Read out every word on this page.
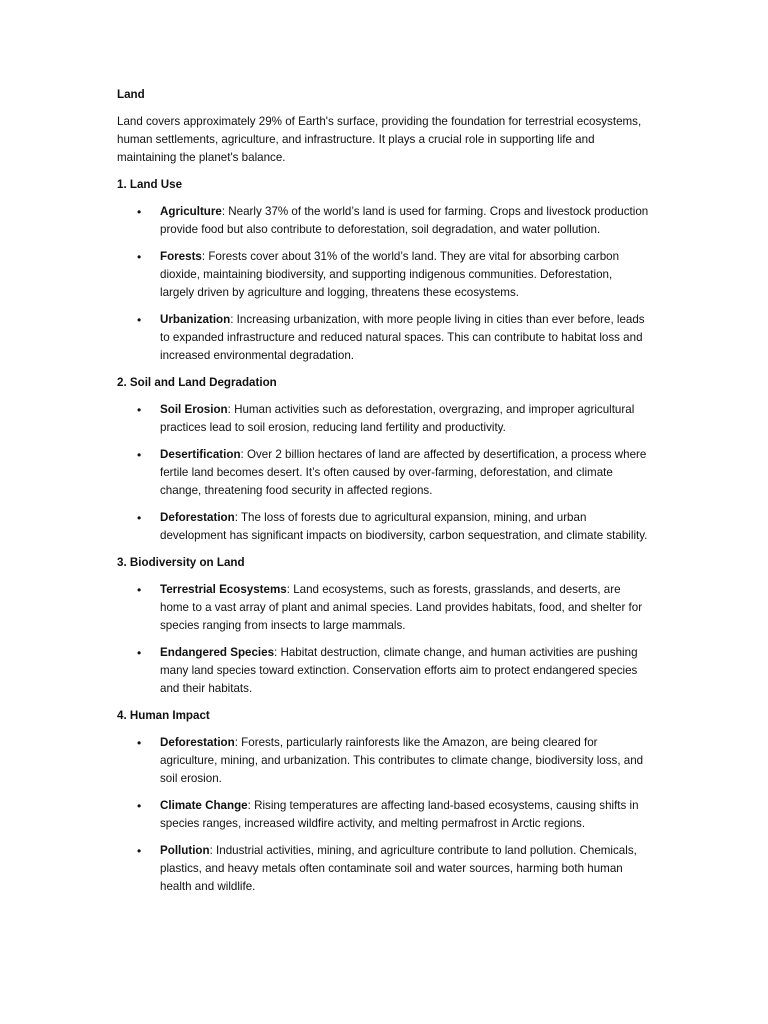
Land
Land covers approximately 29% of Earth's surface, providing the foundation for terrestrial ecosystems, human settlements, agriculture, and infrastructure. It plays a crucial role in supporting life and maintaining the planet's balance.
1. Land Use
• Agriculture: Nearly 37% of the world’s land is used for farming. Crops and livestock production provide food but also contribute to deforestation, soil degradation, and water pollution.
• Forests: Forests cover about 31% of the world’s land. They are vital for absorbing carbon dioxide, maintaining biodiversity, and supporting indigenous communities. Deforestation, largely driven by agriculture and logging, threatens these ecosystems.
• Urbanization: Increasing urbanization, with more people living in cities than ever before, leads to expanded infrastructure and reduced natural spaces. This can contribute to habitat loss and increased environmental degradation.
2. Soil and Land Degradation
• Soil Erosion: Human activities such as deforestation, overgrazing, and improper agricultural practices lead to soil erosion, reducing land fertility and productivity.
• Desertification: Over 2 billion hectares of land are affected by desertification, a process where fertile land becomes desert. It’s often caused by over-farming, deforestation, and climate change, threatening food security in affected regions.
• Deforestation: The loss of forests due to agricultural expansion, mining, and urban development has significant impacts on biodiversity, carbon sequestration, and climate stability.
3. Biodiversity on Land
• Terrestrial Ecosystems: Land ecosystems, such as forests, grasslands, and deserts, are home to a vast array of plant and animal species. Land provides habitats, food, and shelter for species ranging from insects to large mammals.
• Endangered Species: Habitat destruction, climate change, and human activities are pushing many land species toward extinction. Conservation efforts aim to protect endangered species and their habitats.
4. Human Impact
• Deforestation: Forests, particularly rainforests like the Amazon, are being cleared for agriculture, mining, and urbanization. This contributes to climate change, biodiversity loss, and soil erosion.
• Climate Change: Rising temperatures are affecting land-based ecosystems, causing shifts in species ranges, increased wildfire activity, and melting permafrost in Arctic regions.
• Pollution: Industrial activities, mining, and agriculture contribute to land pollution. Chemicals, plastics, and heavy metals often contaminate soil and water sources, harming both human health and wildlife.
